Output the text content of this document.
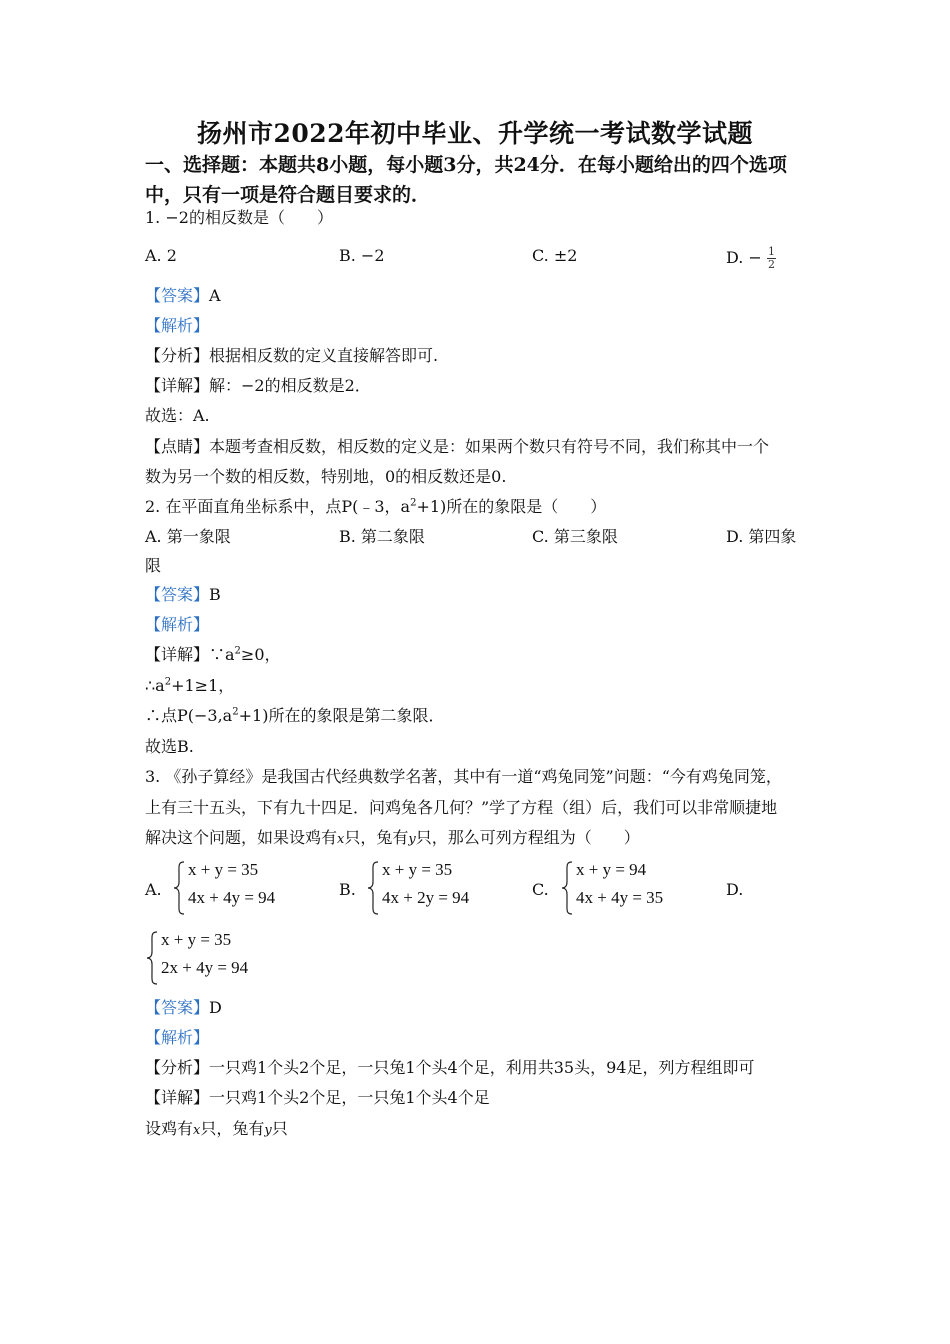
扬州市2022年初中毕业、升学统一考试数学试题
一、选择题：本题共8小题，每小题3分，共24分．在每小题给出的四个选项中，只有一项是符合题目要求的．
1. −2的相反数是（　　）
A. 2	B. −2	C. ±2	D. − $\frac{1}{2}$
【答案】A
【解析】
【分析】根据相反数的定义直接解答即可.
【详解】解：−2的相反数是2．
故选：A.
【点睛】本题考查相反数，相反数的定义是：如果两个数只有符号不同，我们称其中一个
数为另一个数的相反数，特别地，0的相反数还是0.
2. 在平面直角坐标系中，点P(﹣3，$a^2+1$)所在的象限是（　　）
A. 第一象限	B. 第二象限	C. 第三象限	D. 第四象
限
【答案】B
【解析】
【详解】$\because a^2\ge 0$，
$\therefore a^2+1\ge 1$，
∴点$P(-3,a^2+1)$所在的象限是第二象限．
故选B.
3. 《孙子算经》是我国古代经典数学名著，其中有一道“鸡兔同笼”问题：“今有鸡兔同笼，
上有三十五头，下有九十四足．问鸡兔各几何？”学了方程（组）后，我们可以非常顺捷地
解决这个问题，如果设鸡有x只，兔有y只，那么可列方程组为（　　）
A.	B.	C.	D.
x + y = 35
4x + 4y = 94
x + y = 35
4x + 2y = 94
x + y = 94
4x + 4y = 35
x + y = 35
2x + 4y = 94
【答案】D
【解析】
【分析】一只鸡1个头2个足，一只兔1个头4个足，利用共35头，94足，列方程组即可
【详解】一只鸡1个头2个足，一只兔1个头4个足
设鸡有x只，兔有y只
